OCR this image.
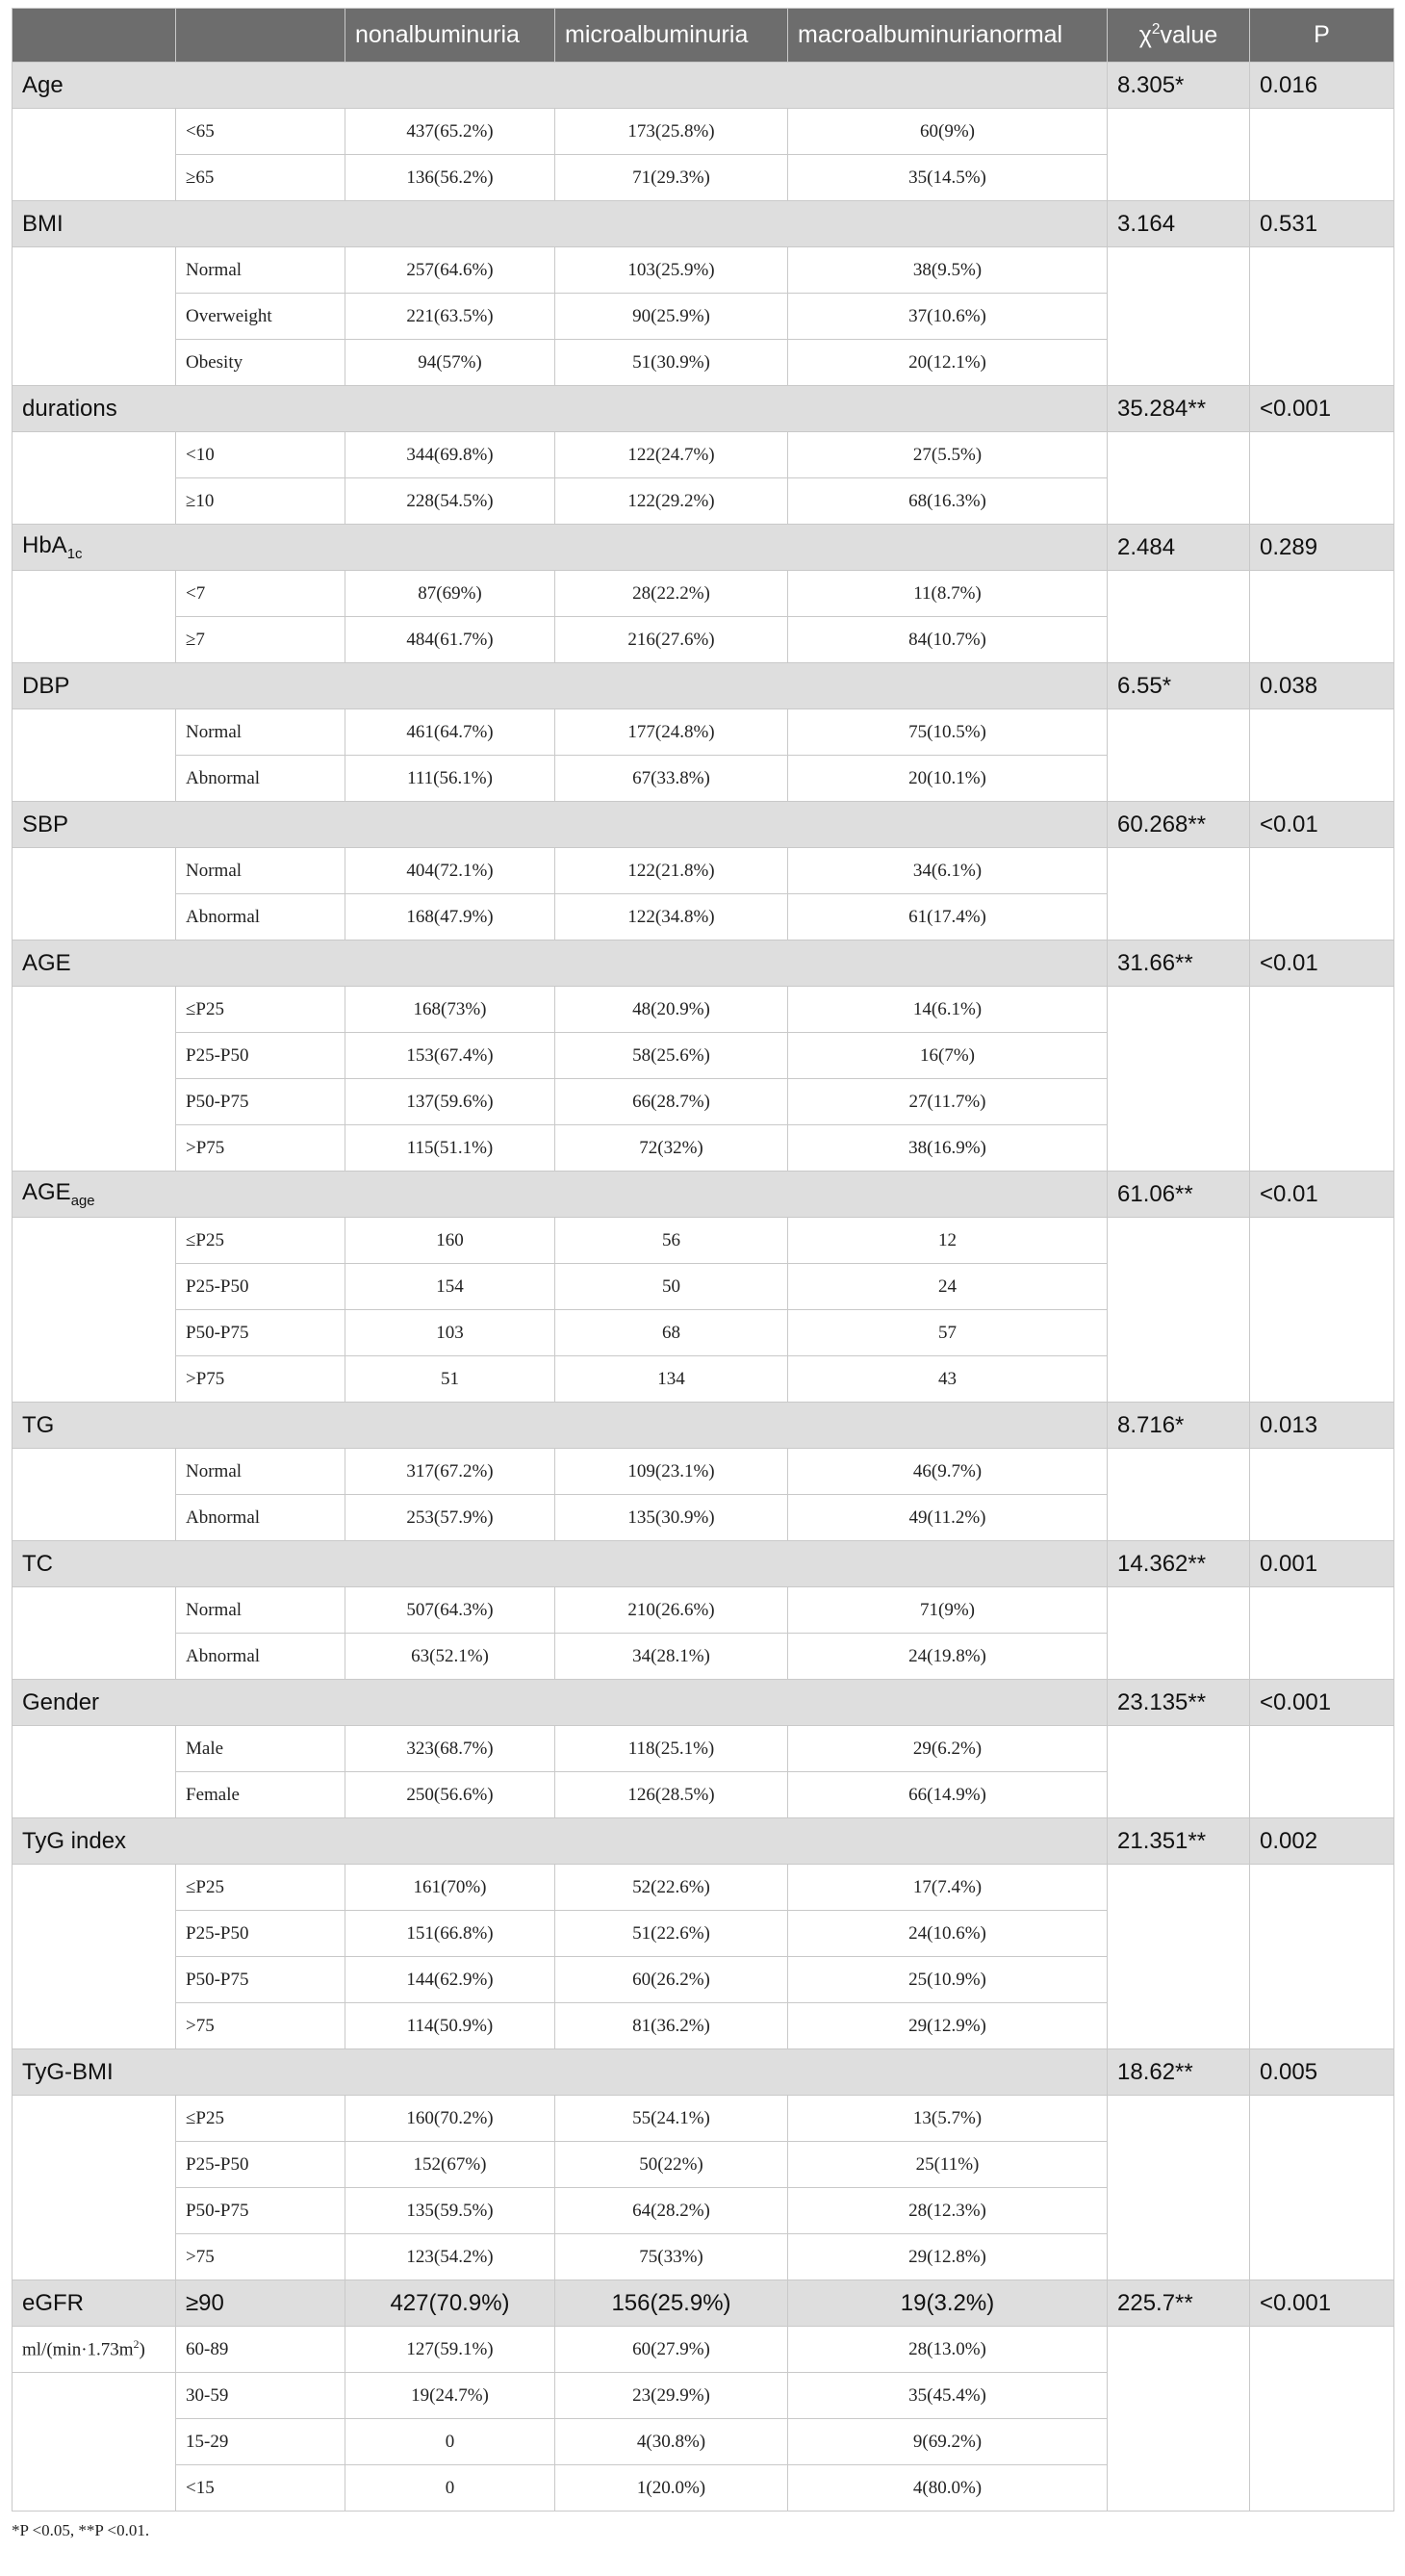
		nonalbuminuria	microalbuminuria	macroalbuminurianormal	$\chi^2value$	P
Age					8.305*	0.016
	<65	437(65.2%)	173(25.8%)	60(9%)		
	≥65	136(56.2%)	71(29.3%)	35(14.5%)		
BMI					3.164	0.531
	Normal	257(64.6%)	103(25.9%)	38(9.5%)		
	Overweight	221(63.5%)	90(25.9%)	37(10.6%)		
	Obesity	94(57%)	51(30.9%)	20(12.1%)		
durations					35.284**	<0.001
	<10	344(69.8%)	122(24.7%)	27(5.5%)		
	≥10	228(54.5%)	122(29.2%)	68(16.3%)		
HbA$_{1c}$					2.484	0.289
	<7	87(69%)	28(22.2%)	11(8.7%)		
	≥7	484(61.7%)	216(27.6%)	84(10.7%)		
DBP					6.55*	0.038
	Normal	461(64.7%)	177(24.8%)	75(10.5%)		
	Abnormal	111(56.1%)	67(33.8%)	20(10.1%)		
SBP					60.268**	<0.01
	Normal	404(72.1%)	122(21.8%)	34(6.1%)		
	Abnormal	168(47.9%)	122(34.8%)	61(17.4%)		
AGE					31.66**	<0.01
	≤P25	168(73%)	48(20.9%)	14(6.1%)		
	P25-P50	153(67.4%)	58(25.6%)	16(7%)		
	P50-P75	137(59.6%)	66(28.7%)	27(11.7%)		
	>P75	115(51.1%)	72(32%)	38(16.9%)		
$AGE_{age}$					61.06**	<0.01
	≤P25	160	56	12		
	P25-P50	154	50	24		
	P50-P75	103	68	57		
	>P75	51	134	43		
TG					8.716*	0.013
	Normal	317(67.2%)	109(23.1%)	46(9.7%)		
	Abnormal	253(57.9%)	135(30.9%)	49(11.2%)		
TC					14.362**	0.001
	Normal	507(64.3%)	210(26.6%)	71(9%)		
	Abnormal	63(52.1%)	34(28.1%)	24(19.8%)		
Gender					23.135**	<0.001
	Male	323(68.7%)	118(25.1%)	29(6.2%)		
	Female	250(56.6%)	126(28.5%)	66(14.9%)		
TyG index					21.351**	0.002
	≤P25	161(70%)	52(22.6%)	17(7.4%)		
	P25-P50	151(66.8%)	51(22.6%)	24(10.6%)		
	P50-P75	144(62.9%)	60(26.2%)	25(10.9%)		
	>75	114(50.9%)	81(36.2%)	29(12.9%)		
TyG-BMI					18.62**	0.005
	≤P25	160(70.2%)	55(24.1%)	13(5.7%)		
	P25-P50	152(67%)	50(22%)	25(11%)		
	P50-P75	135(59.5%)	64(28.2%)	28(12.3%)		
	>75	123(54.2%)	75(33%)	29(12.8%)		
eGFR	≥90	427(70.9%)	156(25.9%)	19(3.2%)	225.7**	<0.001
$ml/(\min\cdot 1.73m^2)$	60-89	127(59.1%)	60(27.9%)	28(13.0%)		
	30-59	19(24.7%)	23(29.9%)	35(45.4%)		
	15-29	0	4(30.8%)	9(69.2%)		
	<15	0	1(20.0%)	4(80.0%)		
*P <0.05, **P <0.01.
